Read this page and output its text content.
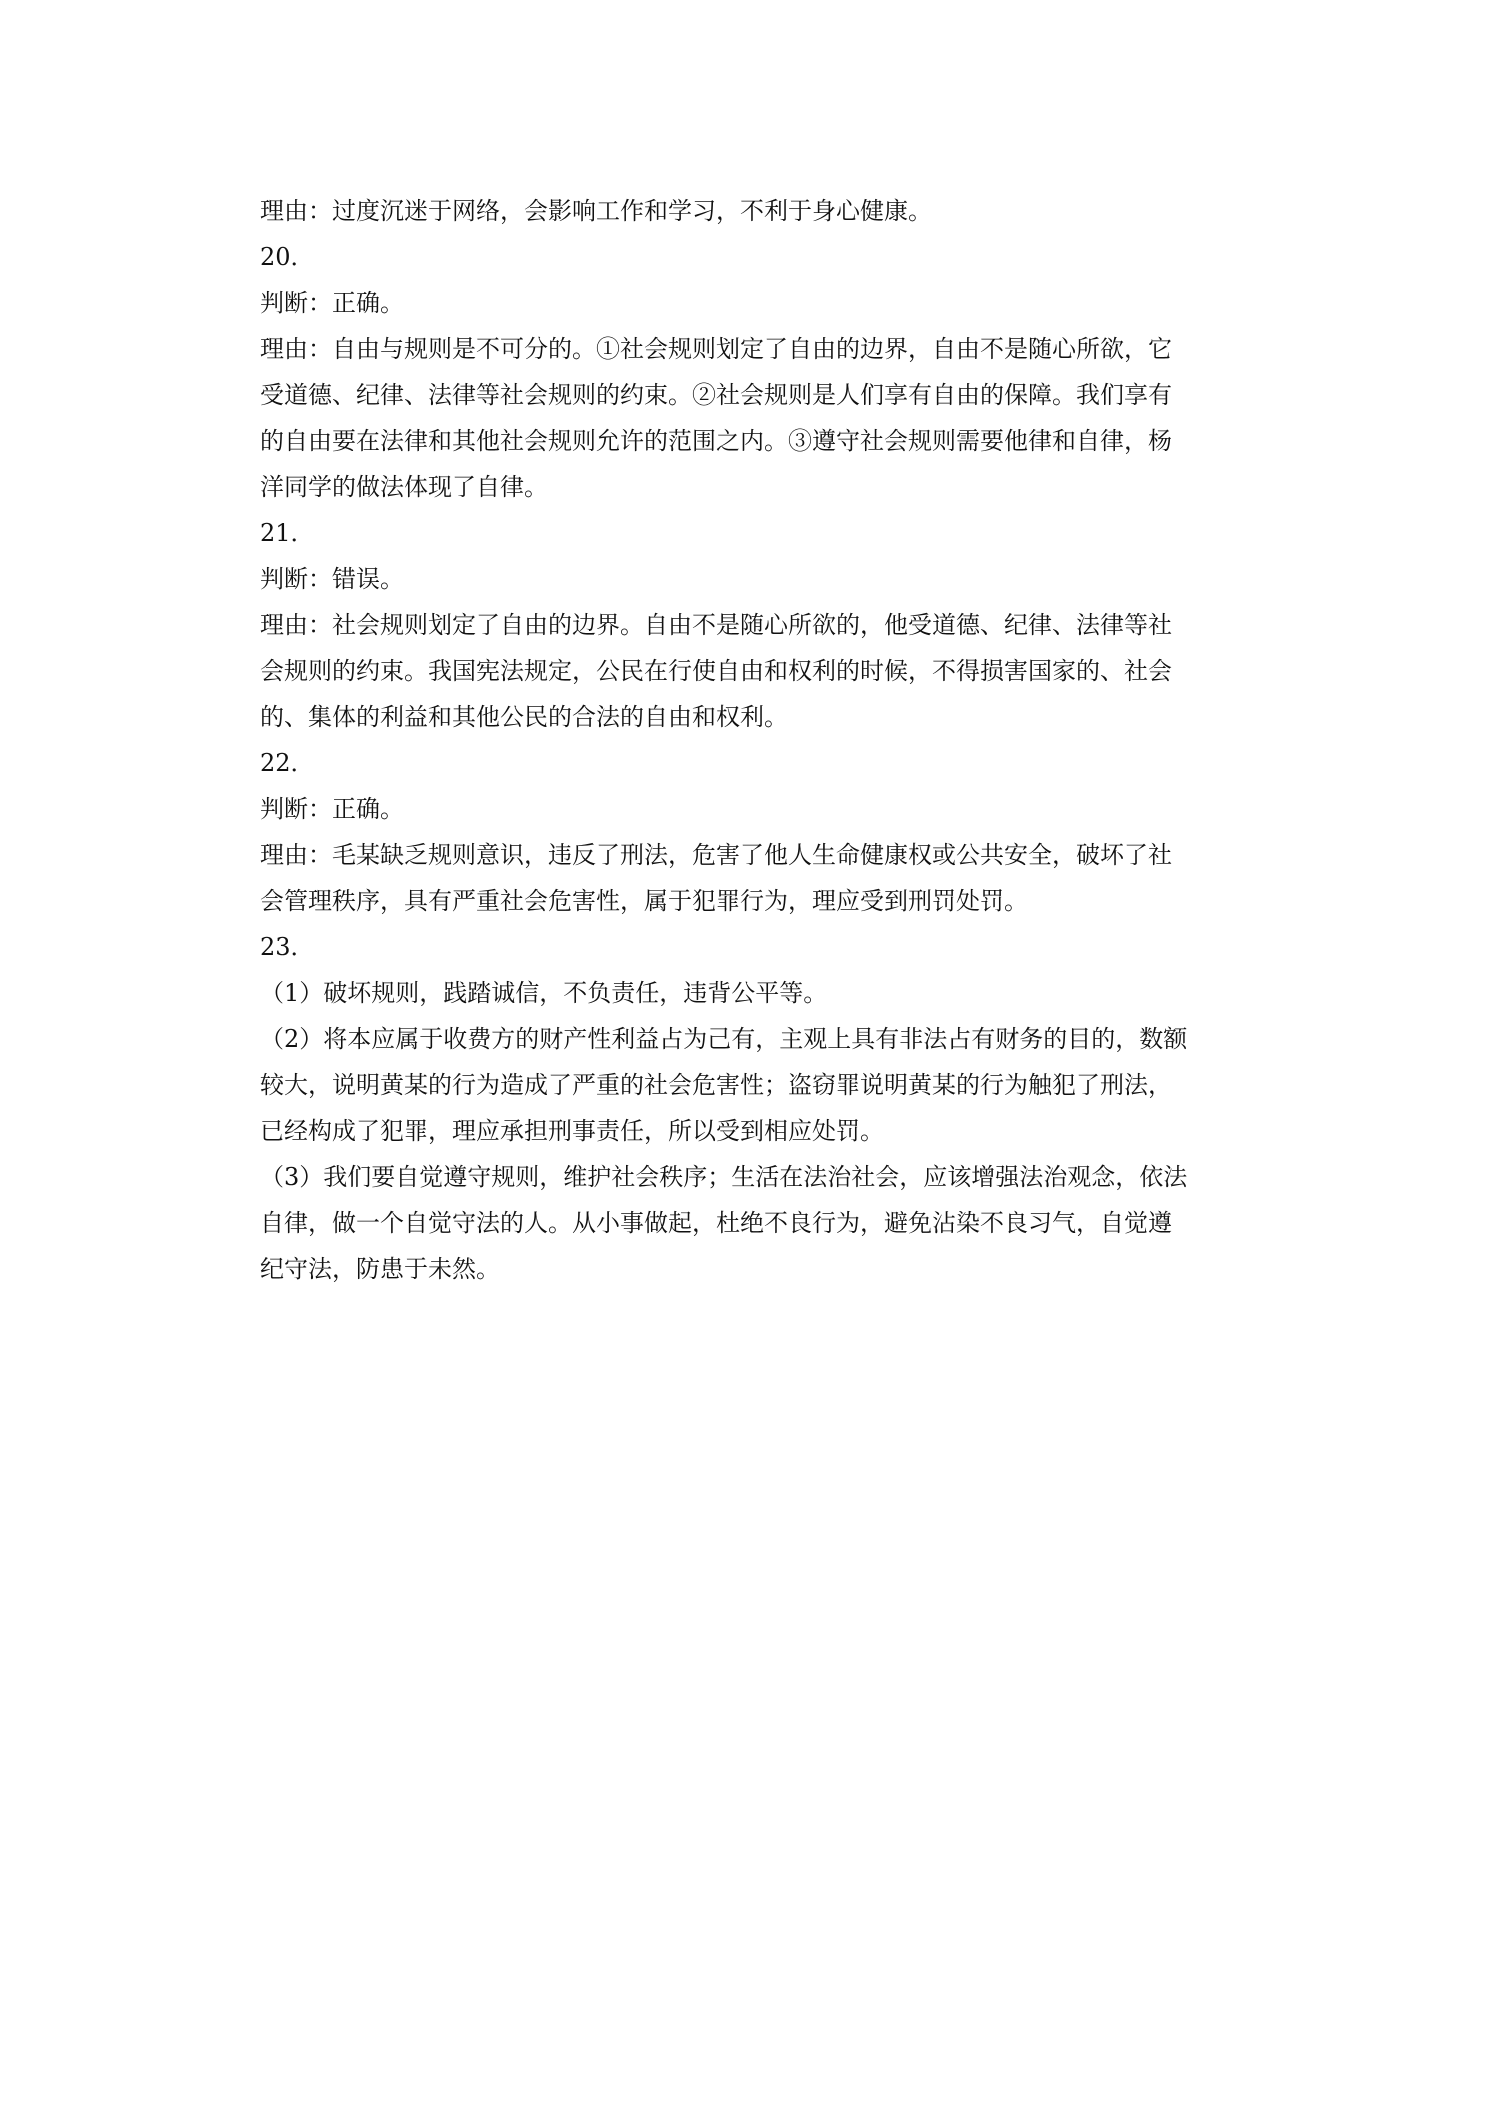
理由：过度沉迷于网络，会影响工作和学习，不利于身心健康。
20．
判断：正确。
理由：自由与规则是不可分的。①社会规则划定了自由的边界，自由不是随心所欲，它
受道德、纪律、法律等社会规则的约束。②社会规则是人们享有自由的保障。我们享有
的自由要在法律和其他社会规则允许的范围之内。③遵守社会规则需要他律和自律，杨
洋同学的做法体现了自律。
21．
判断：错误。
理由：社会规则划定了自由的边界。自由不是随心所欲的，他受道德、纪律、法律等社
会规则的约束。我国宪法规定，公民在行使自由和权利的时候，不得损害国家的、社会
的、集体的利益和其他公民的合法的自由和权利。
22．
判断：正确。
理由：毛某缺乏规则意识，违反了刑法，危害了他人生命健康权或公共安全，破坏了社
会管理秩序，具有严重社会危害性，属于犯罪行为，理应受到刑罚处罚。
23．
（1）破坏规则，践踏诚信，不负责任，违背公平等。
（2）将本应属于收费方的财产性利益占为己有，主观上具有非法占有财务的目的，数额
较大，说明黄某的行为造成了严重的社会危害性；盗窃罪说明黄某的行为触犯了刑法，
已经构成了犯罪，理应承担刑事责任，所以受到相应处罚。
（3）我们要自觉遵守规则，维护社会秩序；生活在法治社会，应该增强法治观念，依法
自律，做一个自觉守法的人。从小事做起，杜绝不良行为，避免沾染不良习气，自觉遵
纪守法，防患于未然。
